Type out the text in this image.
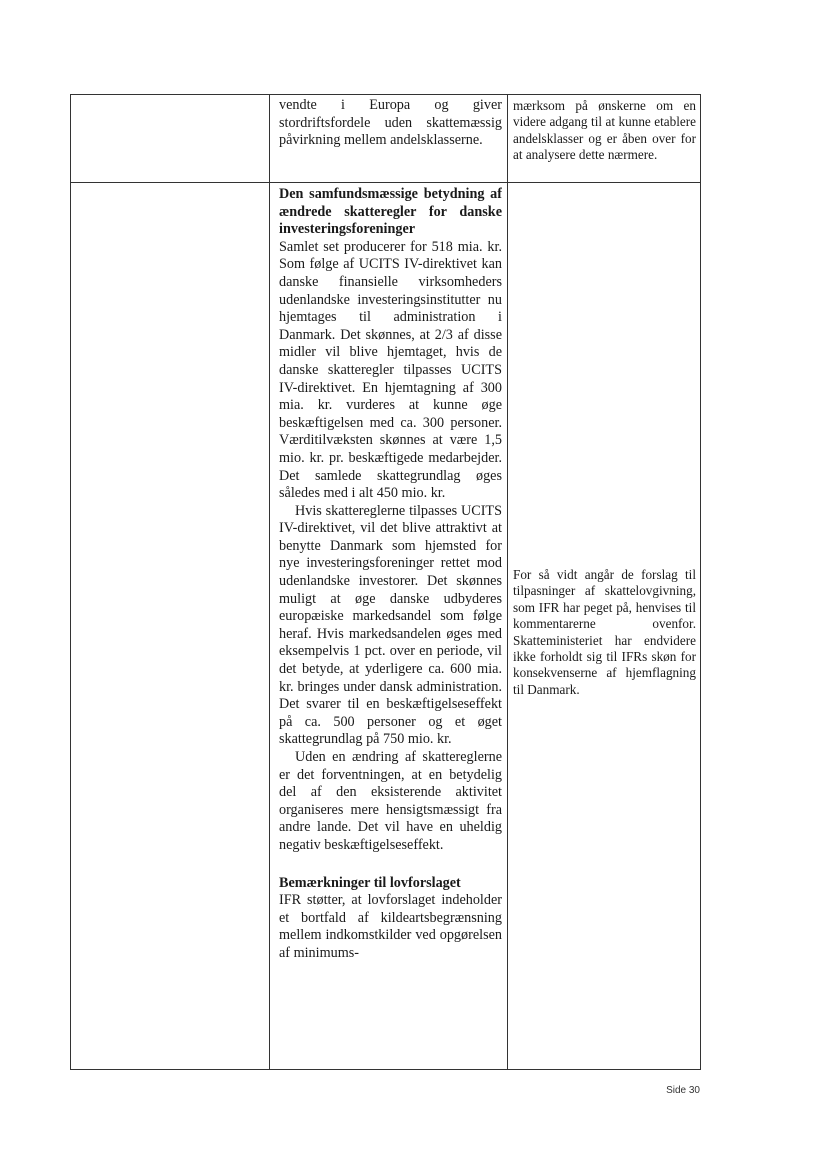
vendte i Europa og giver stordriftsfordele uden skattemæssig påvirkning mellem andelsklasserne.

mærksom på ønskerne om en videre adgang til at kunne etablere andelsklasser og er åben over for at analysere dette nærmere.

Den samfundsmæssige betydning af ændrede skatteregler for danske investeringsforeninger

Samlet set producerer for 518 mia. kr. Som følge af UCITS IV-direktivet kan danske finansielle virksomheders udenlandske investeringsinstitutter nu hjemtages til administration i Danmark. Det skønnes, at 2/3 af disse midler vil blive hjemtaget, hvis de danske skatteregler tilpasses UCITS IV-direktivet. En hjemtagning af 300 mia. kr. vurderes at kunne øge beskæftigelsen med ca. 300 personer. Værditilvæksten skønnes at være 1,5 mio. kr. pr. beskæftigede medarbejder. Det samlede skattegrundlag øges således med i alt 450 mio. kr.

Hvis skattereglerne tilpasses UCITS IV-direktivet, vil det blive attraktivt at benytte Danmark som hjemsted for nye investeringsforeninger rettet mod udenlandske investorer. Det skønnes muligt at øge danske udbyderes europæiske markedsandel som følge heraf. Hvis markedsandelen øges med eksempelvis 1 pct. over en periode, vil det betyde, at yderligere ca. 600 mia. kr. bringes under dansk administration. Det svarer til en beskæftigelseseffekt på ca. 500 personer og et øget skattegrundlag på 750 mio. kr.

Uden en ændring af skattereglerne er det forventningen, at en betydelig del af den eksisterende aktivitet organiseres mere hensigtsmæssigt fra andre lande. Det vil have en uheldig negativ beskæftigelseseffekt.

Bemærkninger til lovforslaget

IFR støtter, at lovforslaget indeholder et bortfald af kildeartsbegrænsning mellem indkomstkilder ved opgørelsen af minimums-

For så vidt angår de forslag til tilpasninger af skattelovgivning, som IFR har peget på, henvises til kommentarerne ovenfor. Skatteministeriet har endvidere ikke forholdt sig til IFRs skøn for konsekvenserne af hjemflagning til Danmark.

Side 30
